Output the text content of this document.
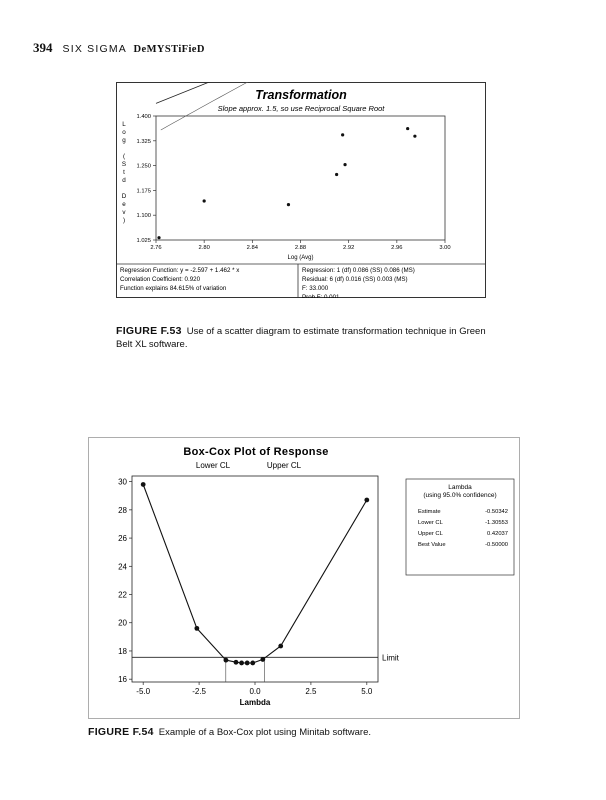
394 SIX SIGMA DeMYSTiFieD
Transformation
Slope approx. 1.5, so use Reciprocal Square Root
L
o
g
(
S
t
d
D
e
v
)
1.400
1.325
1.250
1.175
1.100
1.025
2.76	2.80	2.84	2.88	2.92	2.96	3.00
Log (Avg)
Regression Function: y = -2.597 + 1.462 * x
Correlation Coefficient: 0.920
Function explains 84.615% of variation
Regression: 1 (df) 0.086 (SS) 0.086 (MS)
Residual: 6 (df) 0.016 (SS) 0.003 (MS)
F: 33.000
Prob F: 0.001
FIGURE F.53 Use of a scatter diagram to estimate transformation technique in Green
Belt XL software.
Box-Cox Plot of Response
Lower CL	Upper CL
16
18
20
22
24
26
28
30
-5.0	-2.5	0.0	2.5	5.0
Limit
Lambda
Lambda
(using 95.0% confidence)
Estimate	-0.50342
Lower CL	-1.30553
Upper CL	0.42037
Best Value	-0.50000
FIGURE F.54 Example of a Box-Cox plot using Minitab software.
